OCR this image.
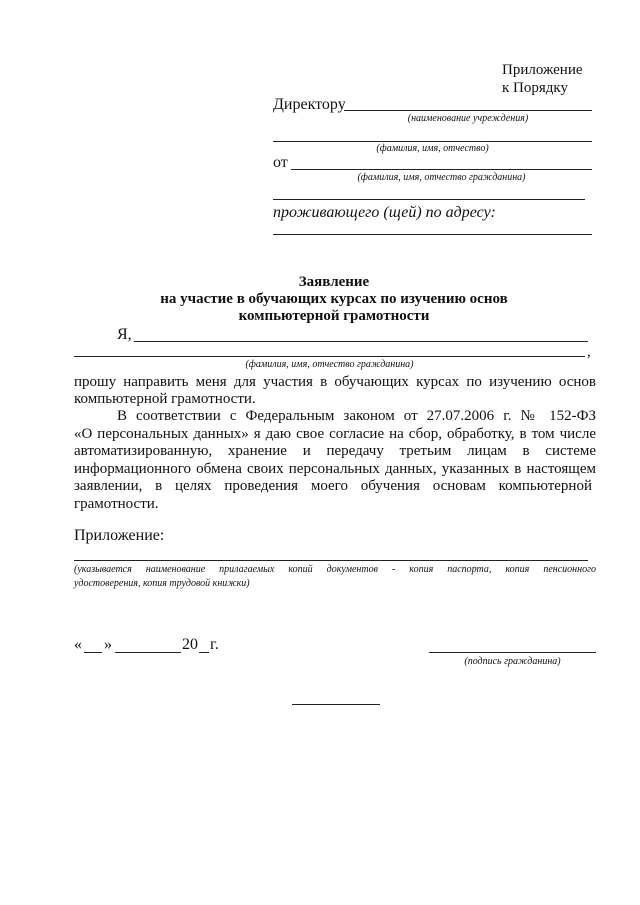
Приложение
к Порядку
Директору
(наименование учреждения)
(фамилия, имя, отчество)
от
(фамилия, имя, отчество гражданина)
проживающего (щей) по адресу:
Заявление
на участие в обучающих курсах по изучению основ
компьютерной грамотности
Я,
,
(фамилия, имя, отчество гражданина)
прошу направить меня для участия в обучающих курсах по изучению основ
компьютерной грамотности.
В соответствии с Федеральным законом от 27.07.2006 г. № 152-ФЗ
«О персональных данных» я даю свое согласие на сбор, обработку, в том числе
автоматизированную, хранение и передачу третьим лицам в системе
информационного обмена своих персональных данных, указанных в настоящем
заявлении, в целях проведения моего обучения основам компьютерной
грамотности.
Приложение:
(указывается наименование прилагаемых копий документов - копия паспорта, копия пенсионного
удостоверения, копия трудовой книжки)
« »	20 г.
(подпись гражданина)
